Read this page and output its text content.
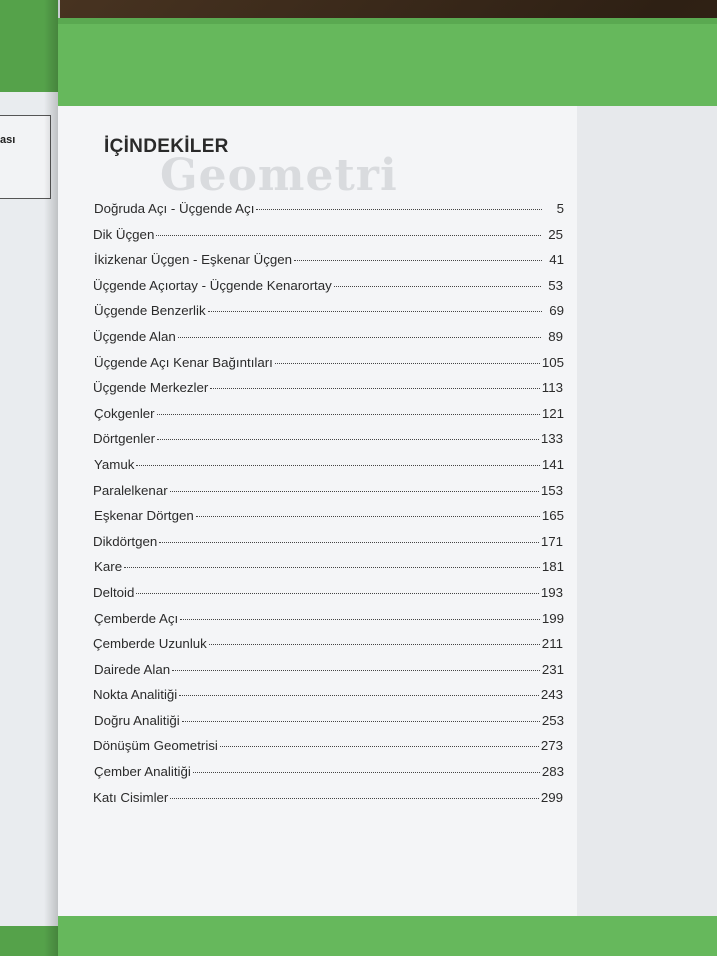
ası
Geometri
İÇİNDEKİLER
Doğruda Açı - Üçgende Açı	5
Dik Üçgen	25
İkizkenar Üçgen - Eşkenar Üçgen	41
Üçgende Açıortay - Üçgende Kenarortay	53
Üçgende Benzerlik	69
Üçgende Alan	89
Üçgende Açı Kenar Bağıntıları	105
Üçgende Merkezler	113
Çokgenler	121
Dörtgenler	133
Yamuk	141
Paralelkenar	153
Eşkenar Dörtgen	165
Dikdörtgen	171
Kare	181
Deltoid	193
Çemberde Açı	199
Çemberde Uzunluk	211
Dairede Alan	231
Nokta Analitiği	243
Doğru Analitiği	253
Dönüşüm Geometrisi	273
Çember Analitiği	283
Katı Cisimler	299
